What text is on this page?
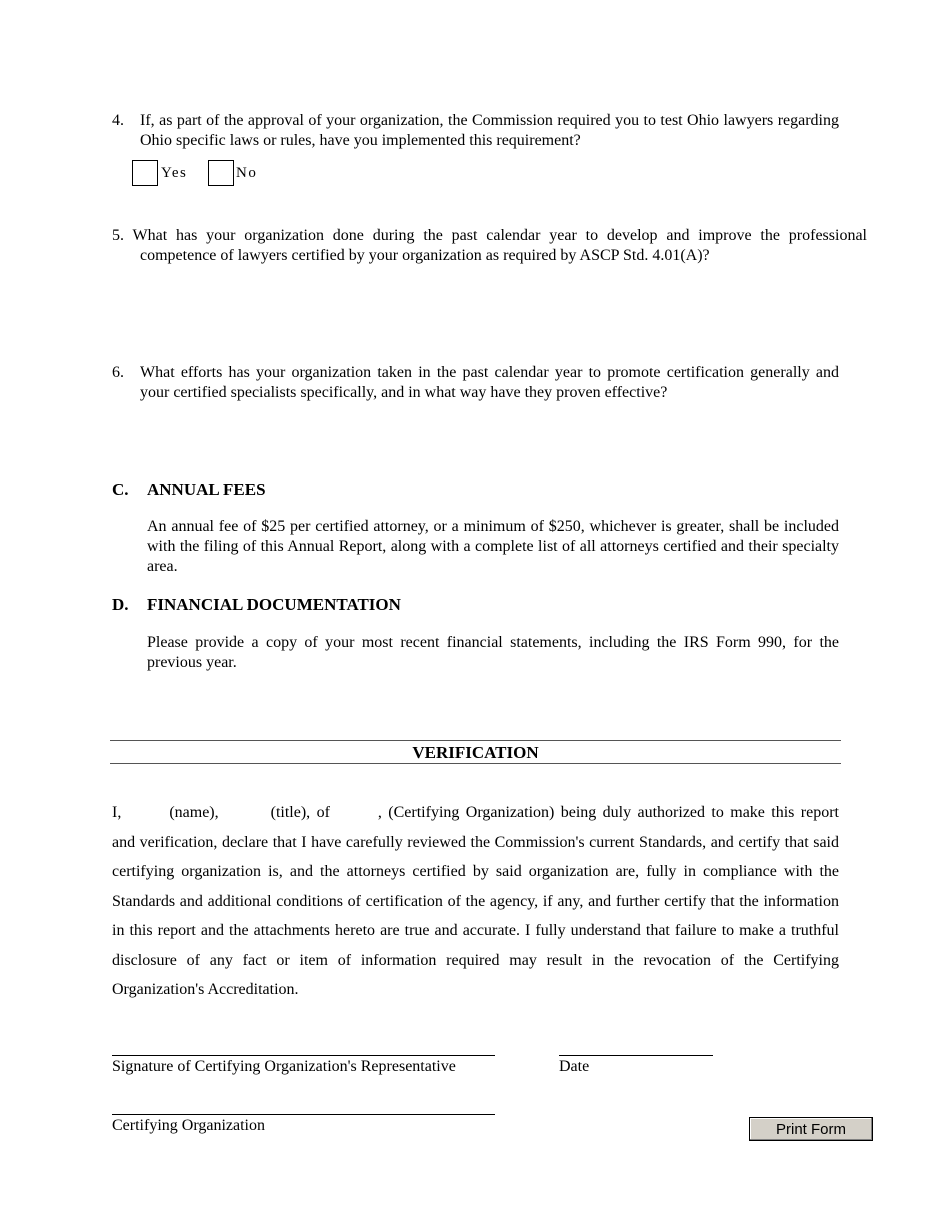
4.	If, as part of the approval of your organization, the Commission required you to test Ohio lawyers regarding Ohio specific laws or rules, have you implemented this requirement?
Yes	No
5. What has your organization done during the past calendar year to develop and improve the professional competence of lawyers certified by your organization as required by ASCP Std. 4.01(A)?
6.	What efforts has your organization taken in the past calendar year to promote certification generally and your certified specialists specifically, and in what way have they proven effective?
C. ANNUAL FEES
An annual fee of $25 per certified attorney, or a minimum of $250, whichever is greater, shall be included with the filing of this Annual Report, along with a complete list of all attorneys certified and their specialty area.
D. FINANCIAL DOCUMENTATION
Please provide a copy of your most recent financial statements, including the IRS Form 990, for the previous year.
VERIFICATION
I,	(name),	(title), of	, (Certifying Organization) being duly authorized to make this report and verification, declare that I have carefully reviewed the Commission's current Standards, and certify that said certifying organization is, and the attorneys certified by said organization are, fully in compliance with the Standards and additional conditions of certification of the agency, if any, and further certify that the information in this report and the attachments hereto are true and accurate. I fully understand that failure to make a truthful disclosure of any fact or item of information required may result in the revocation of the Certifying Organization's Accreditation.
Signature of Certifying Organization's Representative	Date
Certifying Organization	Print Form
